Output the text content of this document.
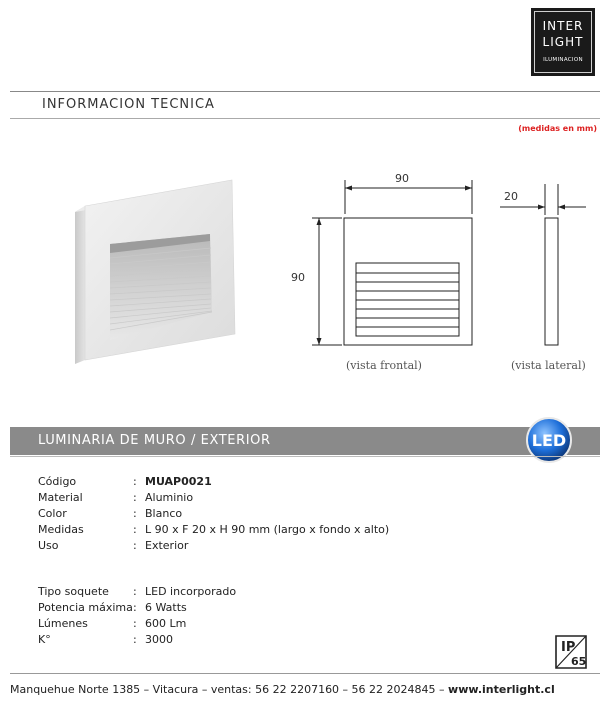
INTER
LIGHT
ILUMINACION
INFORMACION TECNICA
(medidas en mm)
90
90
20
(vista frontal)	(vista lateral)
LUMINARIA DE MURO / EXTERIOR	LED
Código	: MUAP0021
Material	: Aluminio
Color	: Blanco
Medidas	: L 90 x F 20 x H 90 mm (largo x fondo x alto)
Uso	: Exterior
Tipo soquete : LED incorporado
Potencia máxima : 6 Watts
Lúmenes	: 600 Lm
K°	: 3000
IP
65
Manquehue Norte 1385 – Vitacura – ventas: 56 22 2207160 – 56 22 2024845 – www.interlight.cl
